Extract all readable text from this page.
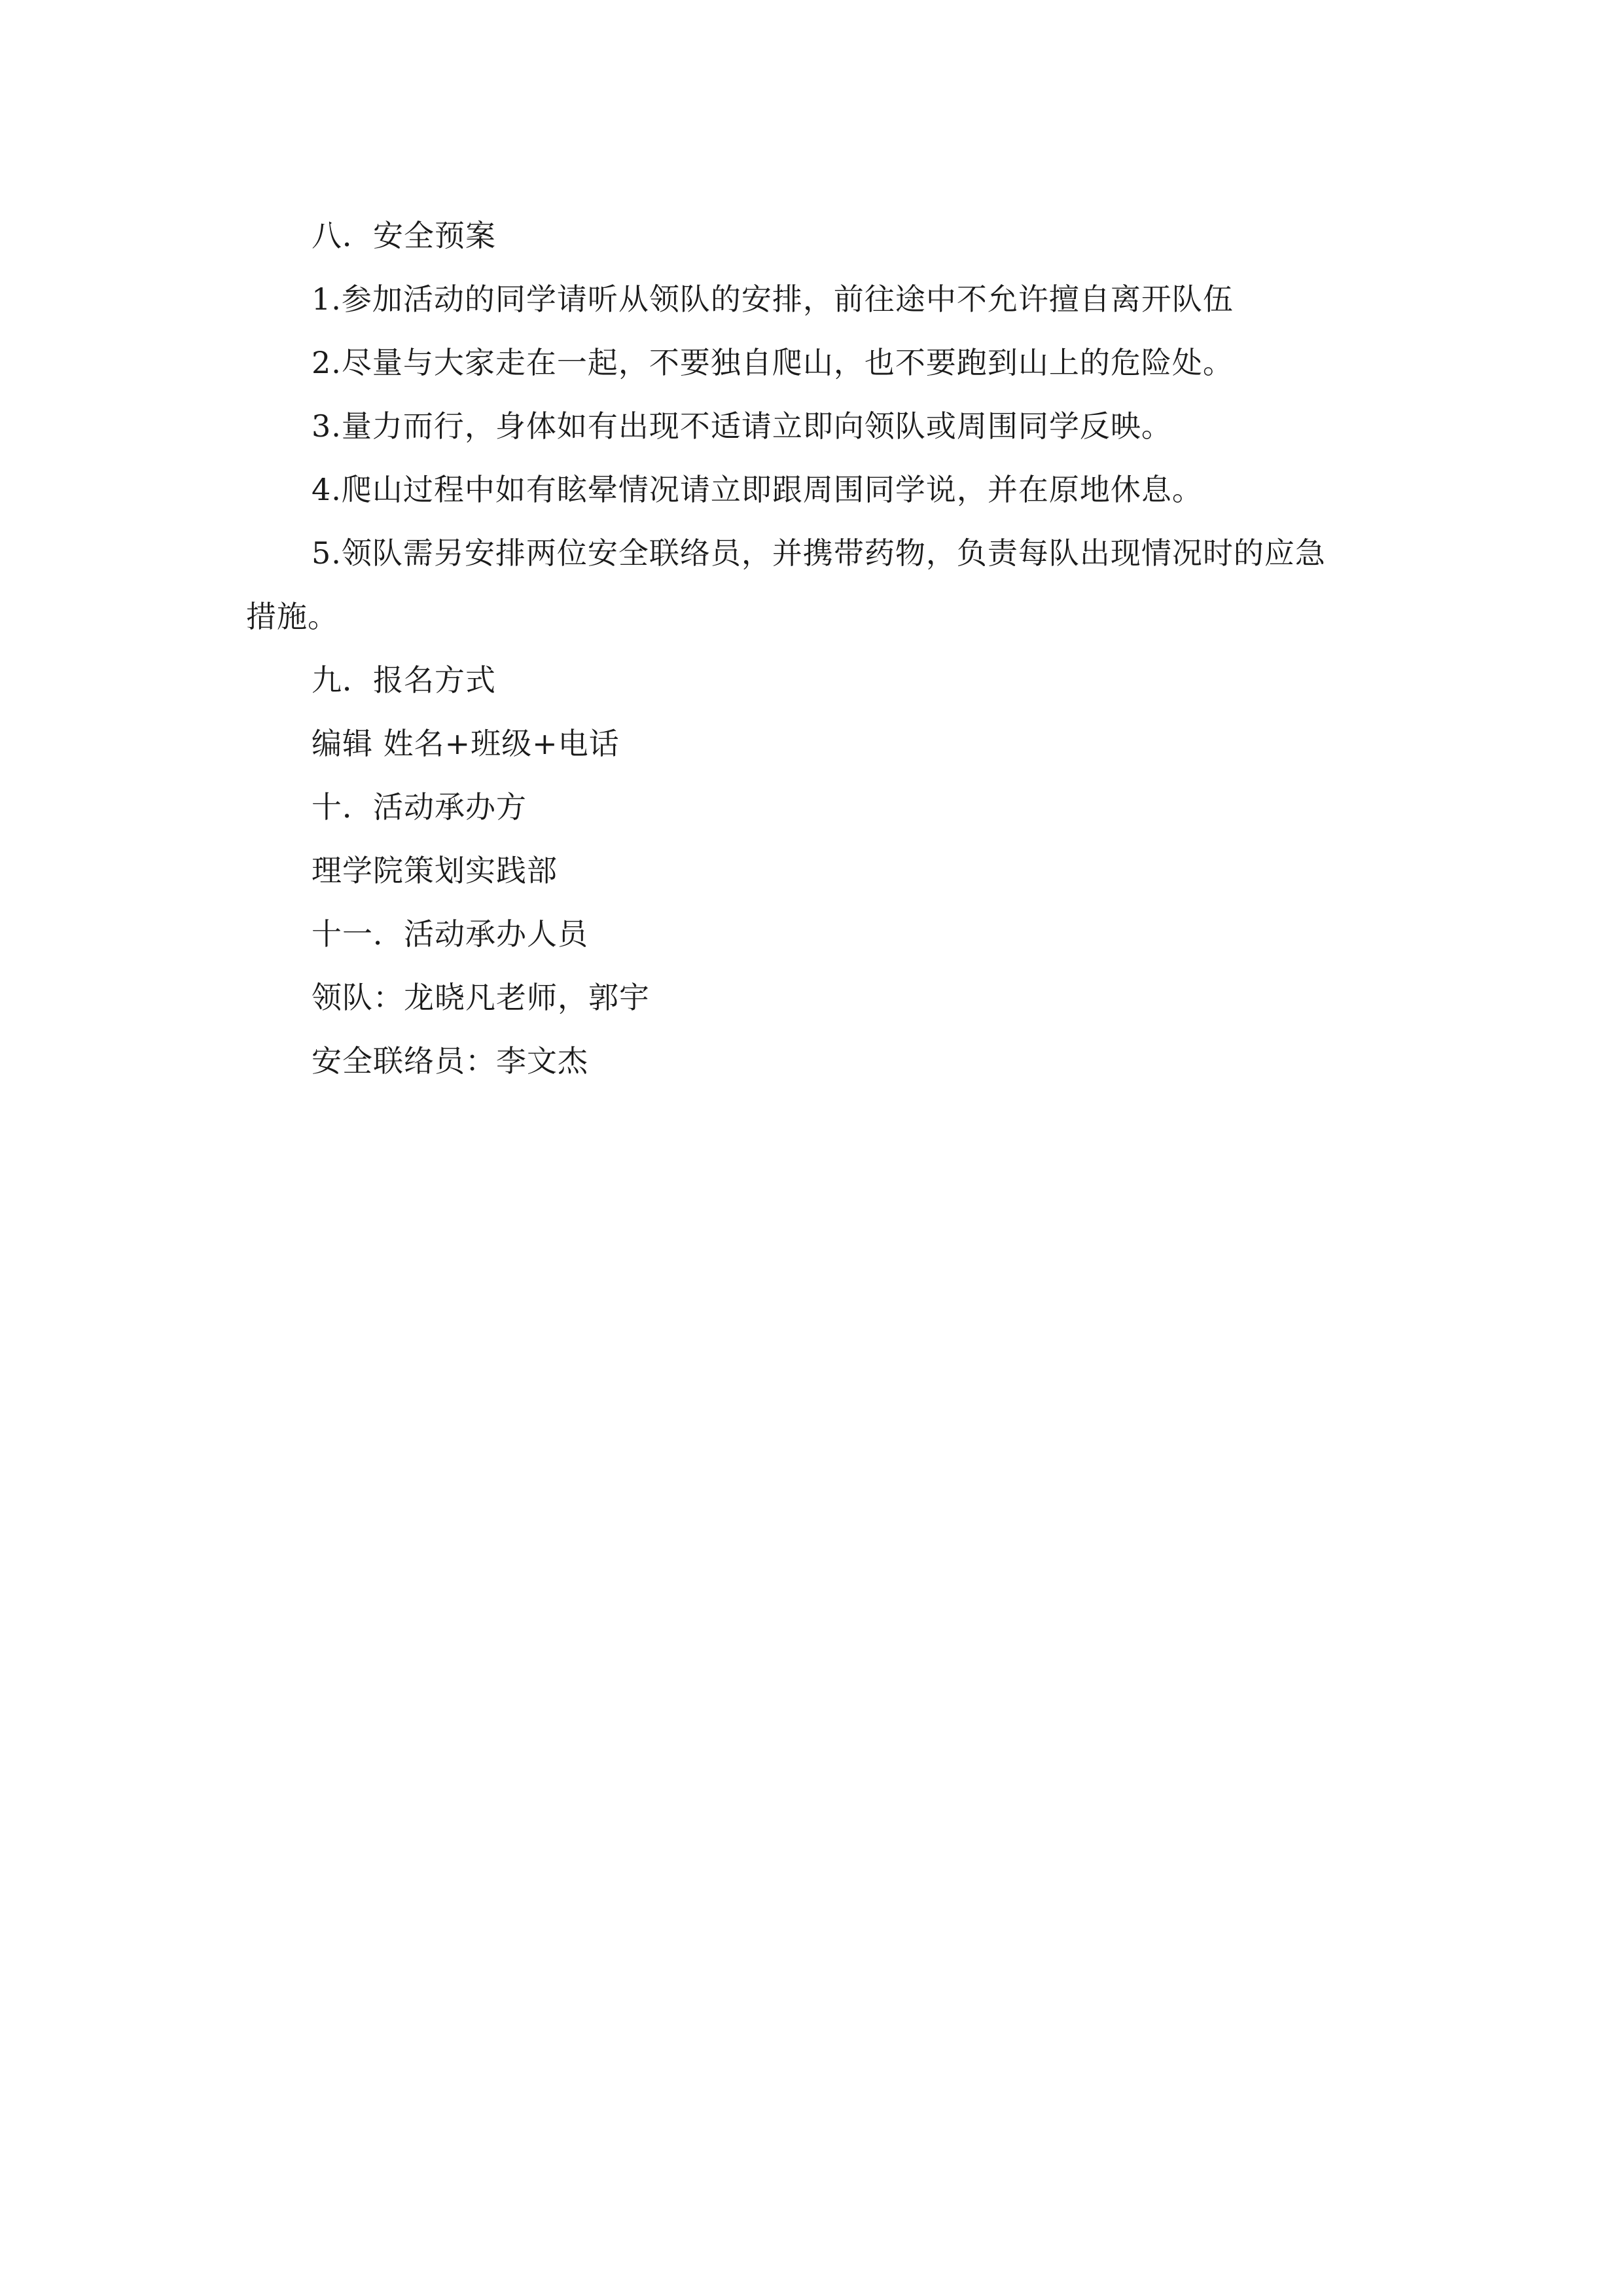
八．安全预案
1.参加活动的同学请听从领队的安排，前往途中不允许擅自离开队伍
2.尽量与大家走在一起，不要独自爬山，也不要跑到山上的危险处。
3.量力而行，身体如有出现不适请立即向领队或周围同学反映。
4.爬山过程中如有眩晕情况请立即跟周围同学说，并在原地休息。
5.领队需另安排两位安全联络员，并携带药物，负责每队出现情况时的应急
措施。
九．报名方式
编辑 姓名+班级+电话
十．活动承办方
理学院策划实践部
十一．活动承办人员
领队：龙晓凡老师，郭宇
安全联络员：李文杰
